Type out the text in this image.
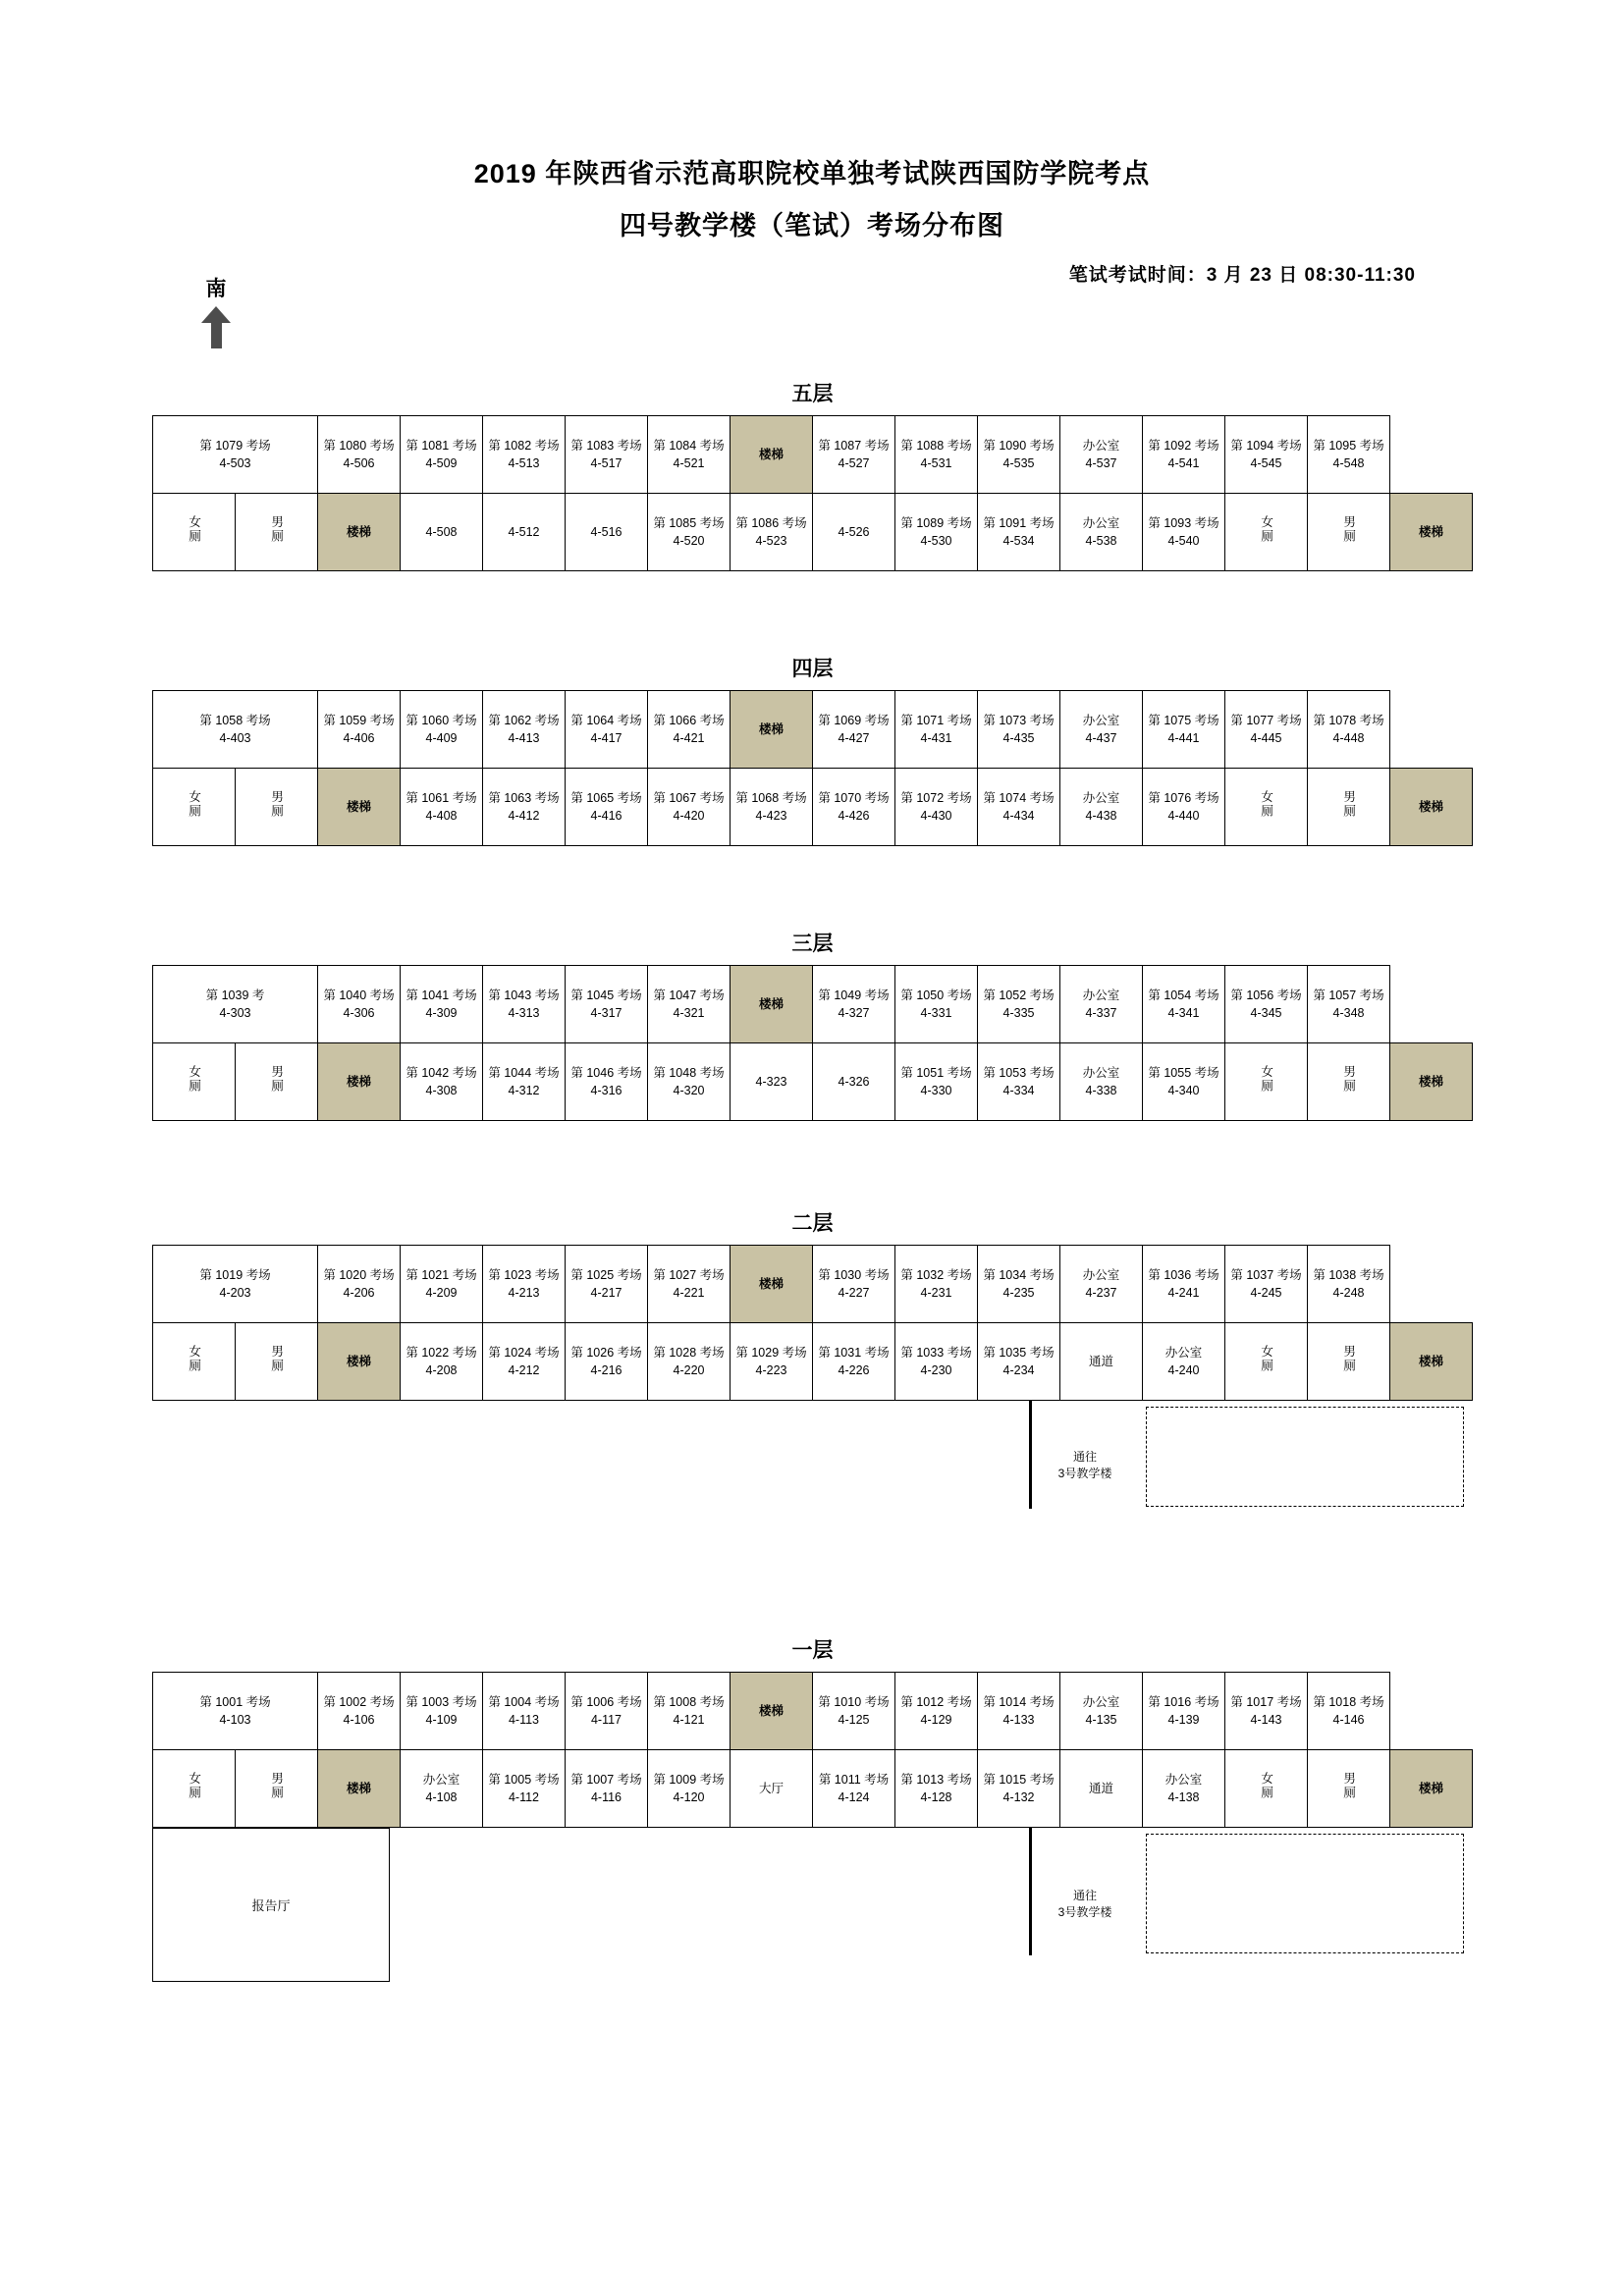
2019 年陕西省示范高职院校单独考试陕西国防学院考点
四号教学楼（笔试）考场分布图
笔试考试时间：3 月 23 日 08:30-11:30
南
五层
第 1079 考场
4-503		第 1080 考场
4-506	第 1081 考场
4-509	第 1082 考场
4-513	第 1083 考场
4-517	第 1084 考场
4-521	楼梯	第 1087 考场
4-527	第 1088 考场
4-531	第 1090 考场
4-535	办公室
4-537	第 1092 考场
4-541	第 1094 考场
4-545	第 1095 考场
4-548	

女厕	男厕	楼梯	4-508	4-512	4-516	第 1085 考场
4-520	第 1086 考场
4-523	4-526	第 1089 考场
4-530	第 1091 考场
4-534	办公室
4-538	第 1093 考场
4-540	女厕	男厕	楼梯
四层
第 1058 考场
4-403		第 1059 考场
4-406	第 1060 考场
4-409	第 1062 考场
4-413	第 1064 考场
4-417	第 1066 考场
4-421	楼梯	第 1069 考场
4-427	第 1071 考场
4-431	第 1073 考场
4-435	办公室
4-437	第 1075 考场
4-441	第 1077 考场
4-445	第 1078 考场
4-448	

女厕	男厕	楼梯	第 1061 考场
4-408	第 1063 考场
4-412	第 1065 考场
4-416	第 1067 考场
4-420	第 1068 考场
4-423	第 1070 考场
4-426	第 1072 考场
4-430	第 1074 考场
4-434	办公室
4-438	第 1076 考场
4-440	女厕	男厕	楼梯
三层
第 1039 考
4-303		第 1040 考场
4-306	第 1041 考场
4-309	第 1043 考场
4-313	第 1045 考场
4-317	第 1047 考场
4-321	楼梯	第 1049 考场
4-327	第 1050 考场
4-331	第 1052 考场
4-335	办公室
4-337	第 1054 考场
4-341	第 1056 考场
4-345	第 1057 考场
4-348	

女厕	男厕	楼梯	第 1042 考场
4-308	第 1044 考场
4-312	第 1046 考场
4-316	第 1048 考场
4-320	4-323	4-326	第 1051 考场
4-330	第 1053 考场
4-334	办公室
4-338	第 1055 考场
4-340	女厕	男厕	楼梯
二层
第 1019 考场
4-203		第 1020 考场
4-206	第 1021 考场
4-209	第 1023 考场
4-213	第 1025 考场
4-217	第 1027 考场
4-221	楼梯	第 1030 考场
4-227	第 1032 考场
4-231	第 1034 考场
4-235	办公室
4-237	第 1036 考场
4-241	第 1037 考场
4-245	第 1038 考场
4-248	

女厕	男厕	楼梯	第 1022 考场
4-208	第 1024 考场
4-212	第 1026 考场
4-216	第 1028 考场
4-220	第 1029 考场
4-223	第 1031 考场
4-226	第 1033 考场
4-230	第 1035 考场
4-234	通道	办公室
4-240	女厕	男厕	楼梯
通往
3号教学楼
一层
第 1001 考场
4-103		第 1002 考场
4-106	第 1003 考场
4-109	第 1004 考场
4-113	第 1006 考场
4-117	第 1008 考场
4-121	楼梯	第 1010 考场
4-125	第 1012 考场
4-129	第 1014 考场
4-133	办公室
4-135	第 1016 考场
4-139	第 1017 考场
4-143	第 1018 考场
4-146	

女厕	男厕	楼梯	办公室
4-108	第 1005 考场
4-112	第 1007 考场
4-116	第 1009 考场
4-120	大厅	第 1011 考场
4-124	第 1013 考场
4-128	第 1015 考场
4-132	通道	办公室
4-138	女厕	男厕	楼梯
报告厅
通往
3号教学楼
